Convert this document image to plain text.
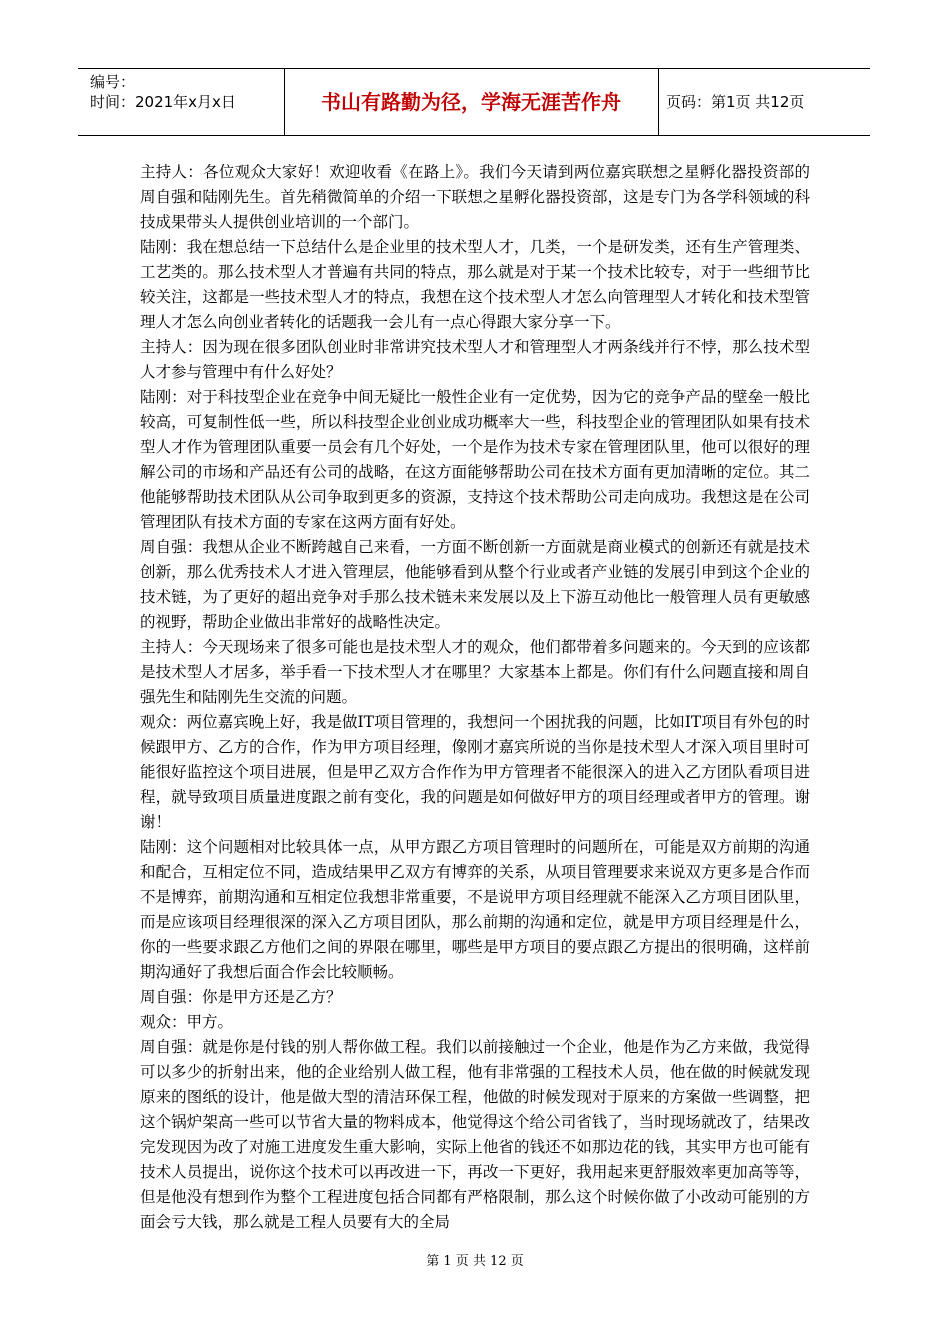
编号：
时间：2021年x月x日	书山有路勤为径，学海无涯苦作舟	页码：第1页 共12页

主持人：各位观众大家好！欢迎收看《在路上》。我们今天请到两位嘉宾联想之星孵化器投资部的周自强和陆刚先生。首先稍微简单的介绍一下联想之星孵化器投资部，这是专门为各学科领域的科技成果带头人提供创业培训的一个部门。

陆刚：我在想总结一下总结什么是企业里的技术型人才，几类，一个是研发类，还有生产管理类、工艺类的。那么技术型人才普遍有共同的特点，那么就是对于某一个技术比较专，对于一些细节比较关注，这都是一些技术型人才的特点，我想在这个技术型人才怎么向管理型人才转化和技术型管理人才怎么向创业者转化的话题我一会儿有一点心得跟大家分享一下。

主持人：因为现在很多团队创业时非常讲究技术型人才和管理型人才两条线并行不悖，那么技术型人才参与管理中有什么好处？

陆刚：对于科技型企业在竞争中间无疑比一般性企业有一定优势，因为它的竞争产品的壁垒一般比较高，可复制性低一些，所以科技型企业创业成功概率大一些，科技型企业的管理团队如果有技术型人才作为管理团队重要一员会有几个好处，一个是作为技术专家在管理团队里，他可以很好的理解公司的市场和产品还有公司的战略，在这方面能够帮助公司在技术方面有更加清晰的定位。其二他能够帮助技术团队从公司争取到更多的资源，支持这个技术帮助公司走向成功。我想这是在公司管理团队有技术方面的专家在这两方面有好处。

周自强：我想从企业不断跨越自己来看，一方面不断创新一方面就是商业模式的创新还有就是技术创新，那么优秀技术人才进入管理层，他能够看到从整个行业或者产业链的发展引申到这个企业的技术链，为了更好的超出竞争对手那么技术链未来发展以及上下游互动他比一般管理人员有更敏感的视野，帮助企业做出非常好的战略性决定。

主持人：今天现场来了很多可能也是技术型人才的观众，他们都带着多问题来的。今天到的应该都是技术型人才居多，举手看一下技术型人才在哪里？大家基本上都是。你们有什么问题直接和周自强先生和陆刚先生交流的问题。

观众：两位嘉宾晚上好，我是做IT项目管理的，我想问一个困扰我的问题，比如IT项目有外包的时候跟甲方、乙方的合作，作为甲方项目经理，像刚才嘉宾所说的当你是技术型人才深入项目里时可能很好监控这个项目进展，但是甲乙双方合作作为甲方管理者不能很深入的进入乙方团队看项目进程，就导致项目质量进度跟之前有变化，我的问题是如何做好甲方的项目经理或者甲方的管理。谢谢！

陆刚：这个问题相对比较具体一点，从甲方跟乙方项目管理时的问题所在，可能是双方前期的沟通和配合，互相定位不同，造成结果甲乙双方有博弈的关系，从项目管理要求来说双方更多是合作而不是博弈，前期沟通和互相定位我想非常重要，不是说甲方项目经理就不能深入乙方项目团队里，而是应该项目经理很深的深入乙方项目团队，那么前期的沟通和定位，就是甲方项目经理是什么，你的一些要求跟乙方他们之间的界限在哪里，哪些是甲方项目的要点跟乙方提出的很明确，这样前期沟通好了我想后面合作会比较顺畅。

周自强：你是甲方还是乙方？

观众：甲方。

周自强：就是你是付钱的别人帮你做工程。我们以前接触过一个企业，他是作为乙方来做，我觉得可以多少的折射出来，他的企业给别人做工程，他有非常强的工程技术人员，他在做的时候就发现原来的图纸的设计，他是做大型的清洁环保工程，他做的时候发现对于原来的方案做一些调整，把这个锅炉架高一些可以节省大量的物料成本，他觉得这个给公司省钱了，当时现场就改了，结果改完发现因为改了对施工进度发生重大影响，实际上他省的钱还不如那边花的钱，其实甲方也可能有技术人员提出，说你这个技术可以再改进一下，再改一下更好，我用起来更舒服效率更加高等等，但是他没有想到作为整个工程进度包括合同都有严格限制，那么这个时候你做了小改动可能别的方面会亏大钱，那么就是工程人员要有大的全局

第 1 页 共 12 页
